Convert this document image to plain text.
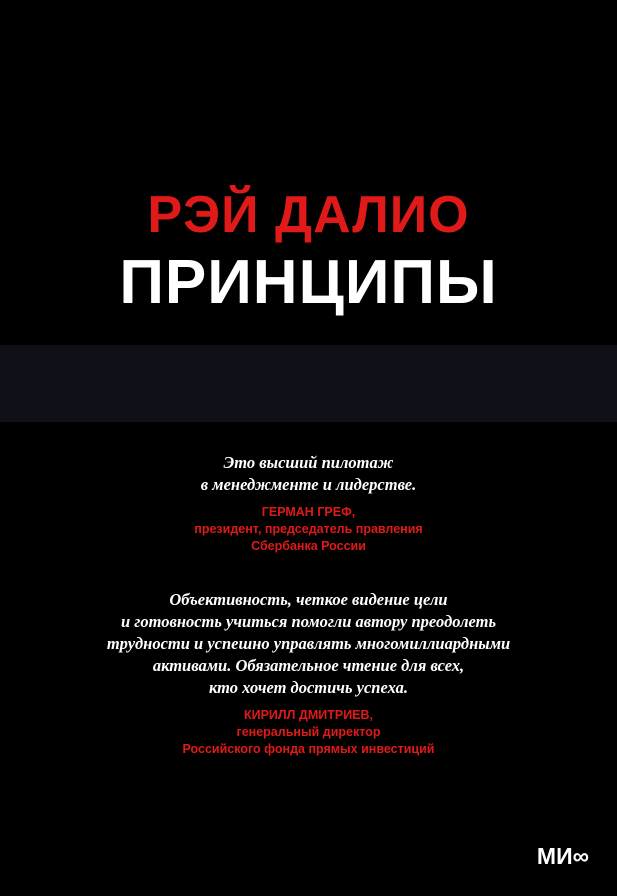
РЭЙ ДАЛИО
ПРИНЦИПЫ
Это высший пилотаж
в менеджменте и лидерстве.
ГЕРМАН ГРЕФ,
президент, председатель правления
Сбербанка России
Объективность, четкое видение цели
и готовность учиться помогли автору преодолеть
трудности и успешно управлять многомиллиардными
активами. Обязательное чтение для всех,
кто хочет достичь успеха.
КИРИЛЛ ДМИТРИЕВ,
генеральный директор
Российского фонда прямых инвестиций
МИ∞
